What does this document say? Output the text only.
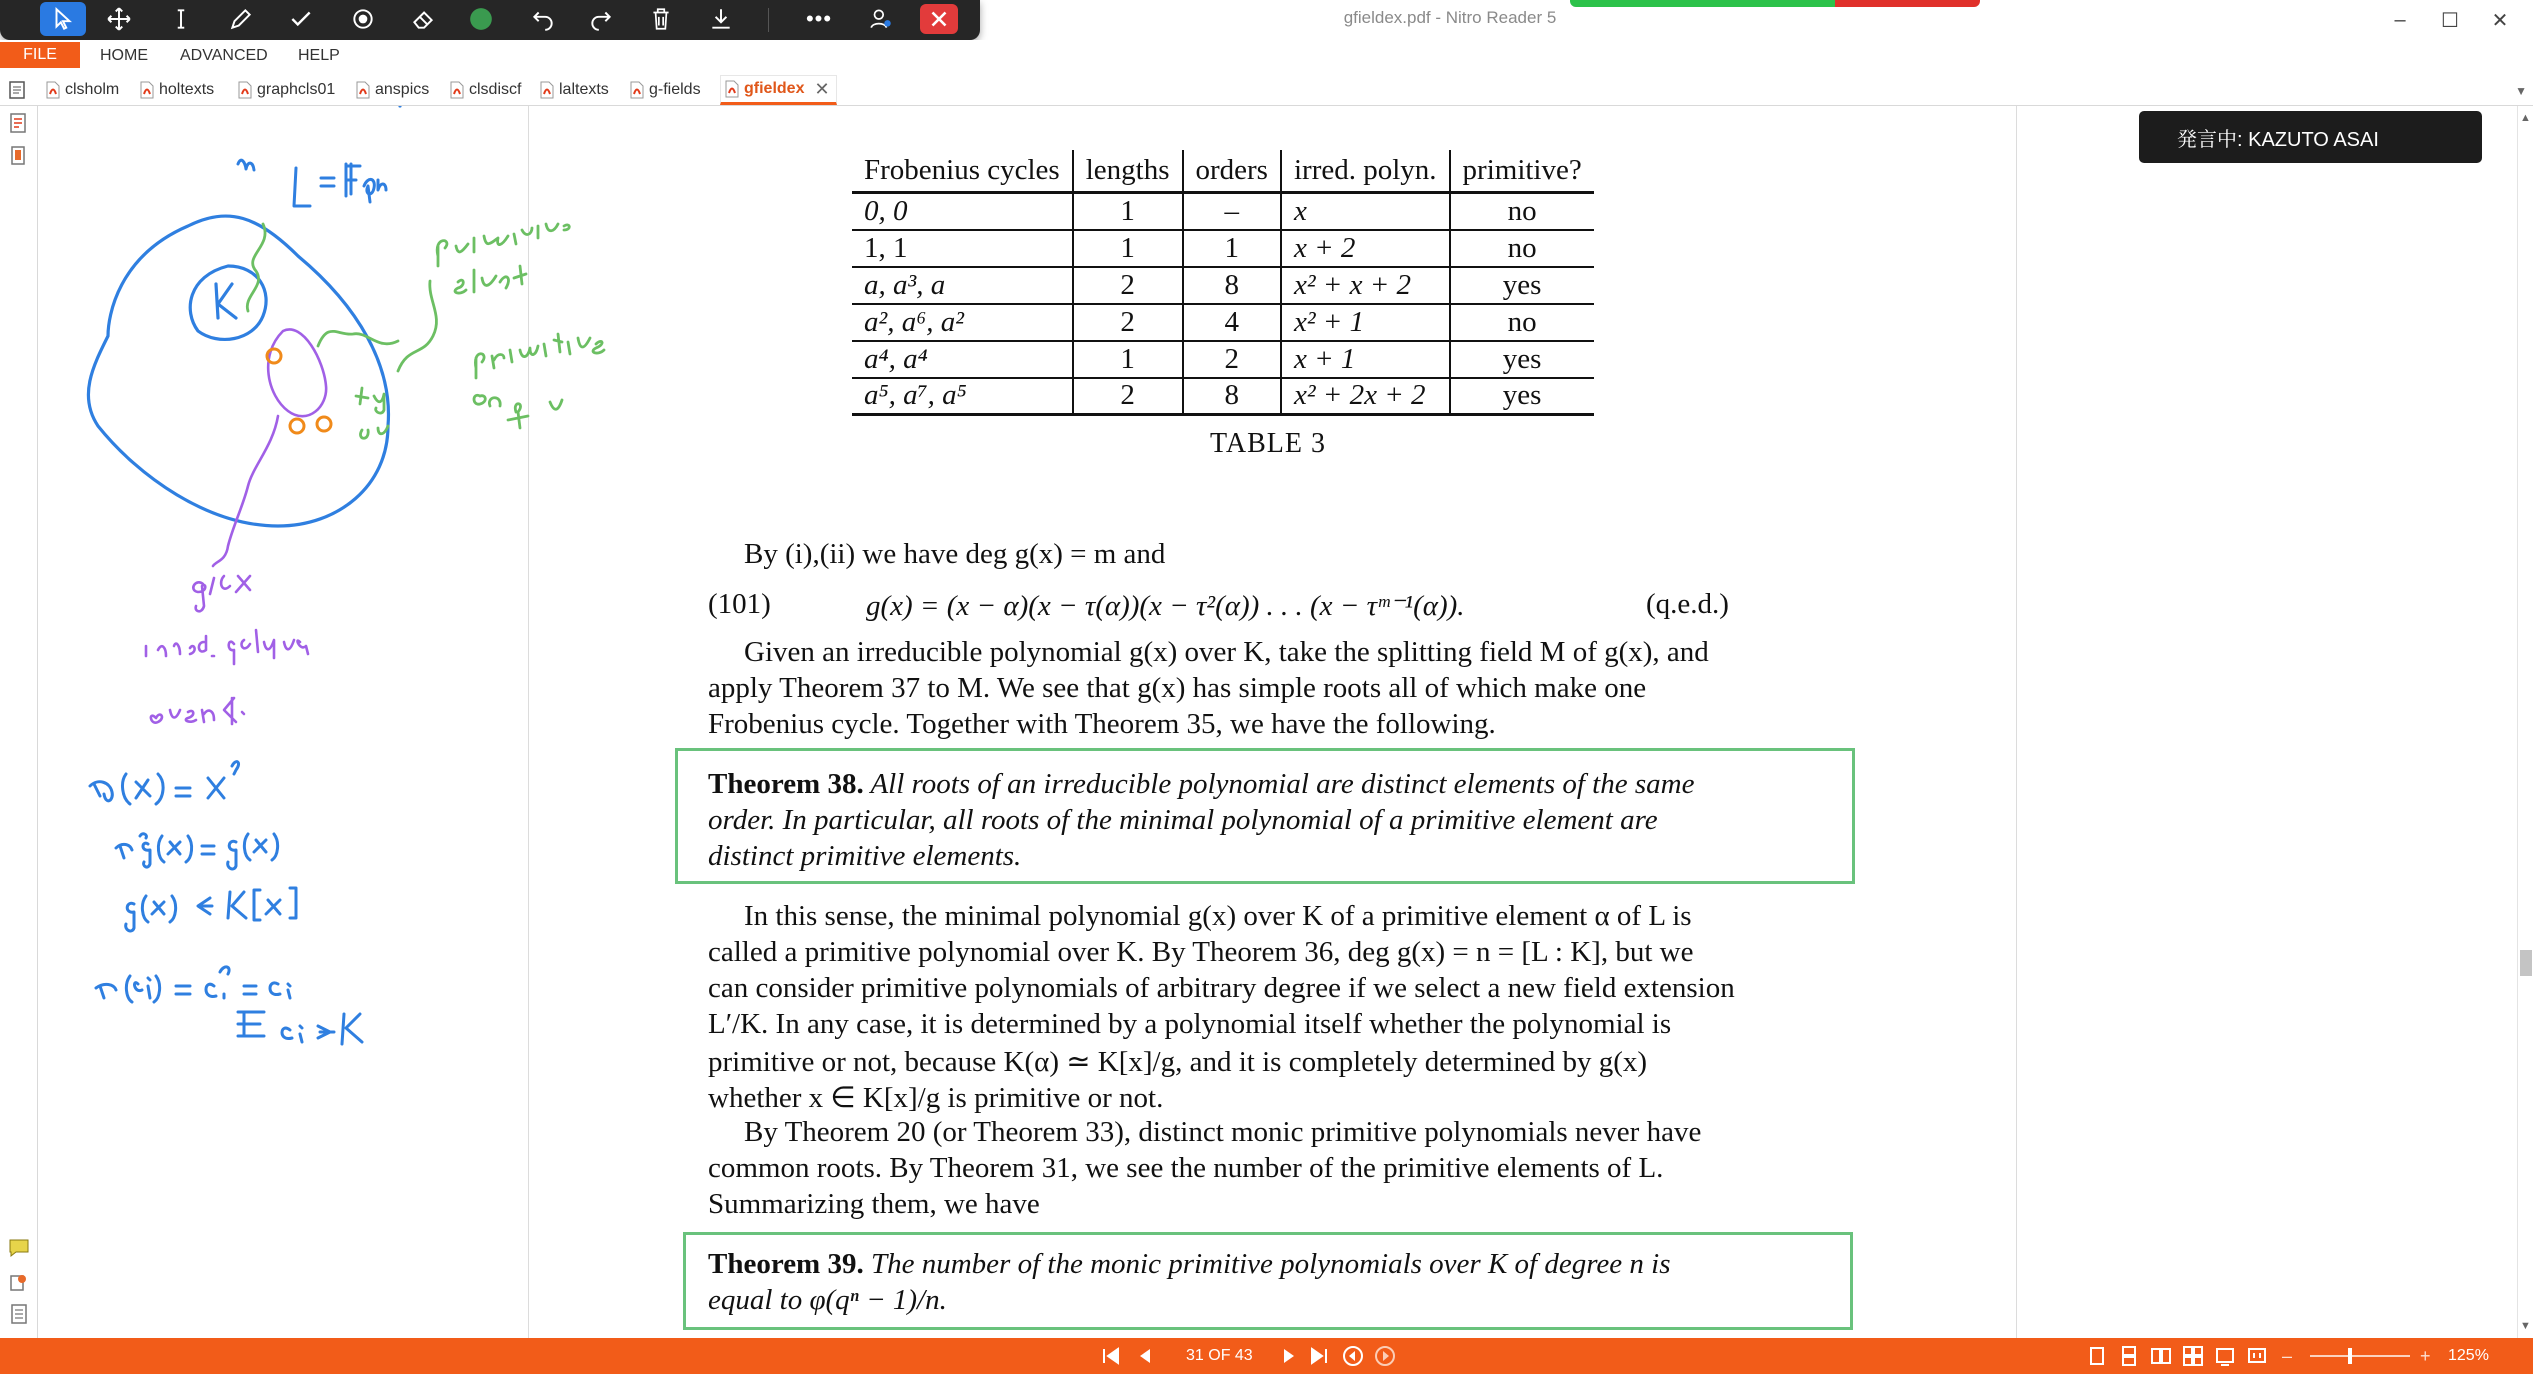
gfieldex.pdf - Nitro Reader 5	–	☐	✕
•••
FILE	HOME ADVANCED HELP
clsholm holtexts	graphcls01 anspics clsdiscf laltexts	g-fields	gfieldex ✕	▼
Frobenius cycles	lengths	orders	irred. polyn.	primitive?
0, 0	1	–	x	no
1, 1	1	1	x + 2	no
a, a³, a	2	8	x² + x + 2	yes
a², a⁶, a²	2	4	x² + 1	no
a⁴, a⁴	1	2	x + 1	yes
a⁵, a⁷, a⁵	2	8	x² + 2x + 2	yes
TABLE 3
By (i),(ii) we have deg g(x) = m and
(101)	g(x) = (x − α)(x − τ(α))(x − τ²(α)) . . . (x − τᵐ⁻¹(α)).	(q.e.d.)
Given an irreducible polynomial g(x) over K, take the splitting field M of g(x), and
apply Theorem 37 to M. We see that g(x) has simple roots all of which make one
Frobenius cycle. Together with Theorem 35, we have the following.
Theorem 38. All roots of an irreducible polynomial are distinct elements of the same
order. In particular, all roots of the minimal polynomial of a primitive element are
distinct primitive elements.
In this sense, the minimal polynomial g(x) over K of a primitive element α of L is
called a primitive polynomial over K. By Theorem 36, deg g(x) = n = [L : K], but we
can consider primitive polynomials of arbitrary degree if we select a new field extension
L′/K. In any case, it is determined by a polynomial itself whether the polynomial is
primitive or not, because K(α) ≃ K[x]/g, and it is completely determined by g(x)
whether x ∈ K[x]/g is primitive or not.
By Theorem 20 (or Theorem 33), distinct monic primitive polynomials never have
common roots. By Theorem 31, we see the number of the primitive elements of L.
Summarizing them, we have
Theorem 39. The number of the monic primitive polynomials over K of degree n is
equal to φ(qⁿ − 1)/n.
発言中: KAZUTO ASAI
▲
▼
31 OF 43	–	+ 125%
